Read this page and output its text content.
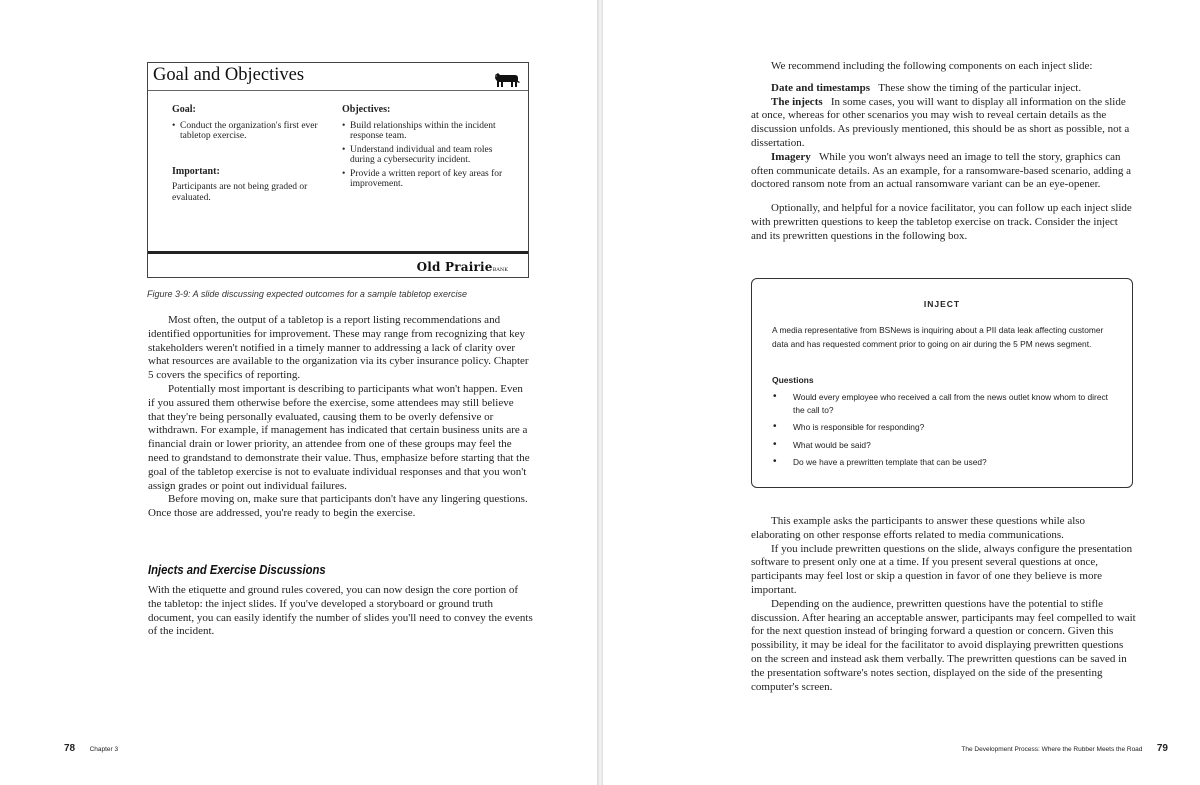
Goal and Objectives
Goal:
• Conduct the organization's first ever tabletop exercise.
Important:

Participants are not being graded or evaluated.

Objectives:
• Build relationships within the incident response team.
• Understand individual and team roles during a cybersecurity incident.
• Provide a written report of key areas for improvement.
Old PrairieBANK
Figure 3-9: A slide discussing expected outcomes for a sample tabletop exercise

Most often, the output of a tabletop is a report listing recommendations and identified opportunities for improvement. These may range from recognizing that key stakeholders weren't notified in a timely manner to addressing a lack of clarity over what resources are available to the organization via its cyber insurance policy. Chapter 5 covers the specifics of reporting.

Potentially most important is describing to participants what won't happen. Even if you assured them otherwise before the exercise, some attendees may still believe that they're being personally evaluated, causing them to be overly defensive or withdrawn. For example, if management has indicated that certain business units are a financial drain or lower priority, an attendee from one of these groups may feel the need to grandstand to demonstrate their value. Thus, emphasize before starting that the goal of the tabletop exercise is not to evaluate individual responses and that you won't assign grades or point out individual failures.

Before moving on, make sure that participants don't have any lingering questions. Once those are addressed, you're ready to begin the exercise.

Injects and Exercise Discussions

With the etiquette and ground rules covered, you can now design the core portion of the tabletop: the inject slides. If you've developed a storyboard or ground truth document, you can easily identify the number of slides you'll need to convey the events of the incident.

78 Chapter 3

We recommend including the following components on each inject slide:

Date and timestamps These show the timing of the particular inject.

The injects In some cases, you will want to display all information on the slide at once, whereas for other scenarios you may wish to reveal certain details as the discussion unfolds. As previously mentioned, this should be as short as possible, not a dissertation.

Imagery While you won't always need an image to tell the story, graphics can often communicate details. As an example, for a ransomware-based scenario, adding a doctored ransom note from an actual ransomware variant can be an eye-opener.

Optionally, and helpful for a novice facilitator, you can follow up each inject slide with prewritten questions to keep the tabletop exercise on track. Consider the inject and its prewritten questions in the following box.

INJECT
A media representative from BSNews is inquiring about a PII data leak affecting customer data and has requested comment prior to going on air during the 5 PM news segment.
Questions
• Would every employee who received a call from the news outlet know whom to direct the call to?
• Who is responsible for responding?
• What would be said?
• Do we have a prewritten template that can be used?

This example asks the participants to answer these questions while also elaborating on other response efforts related to media communications.

If you include prewritten questions on the slide, always configure the presentation software to present only one at a time. If you present several questions at once, participants may feel lost or skip a question in favor of one they believe is more important.

Depending on the audience, prewritten questions have the potential to stifle discussion. After hearing an acceptable answer, participants may feel compelled to wait for the next question instead of bringing forward a question or concern. Given this possibility, it may be ideal for the facilitator to avoid displaying prewritten questions on the screen and instead ask them verbally. The prewritten questions can be saved in the presentation software's notes section, displayed on the side of the presenting computer's screen.

The Development Process: Where the Rubber Meets the Road 79
